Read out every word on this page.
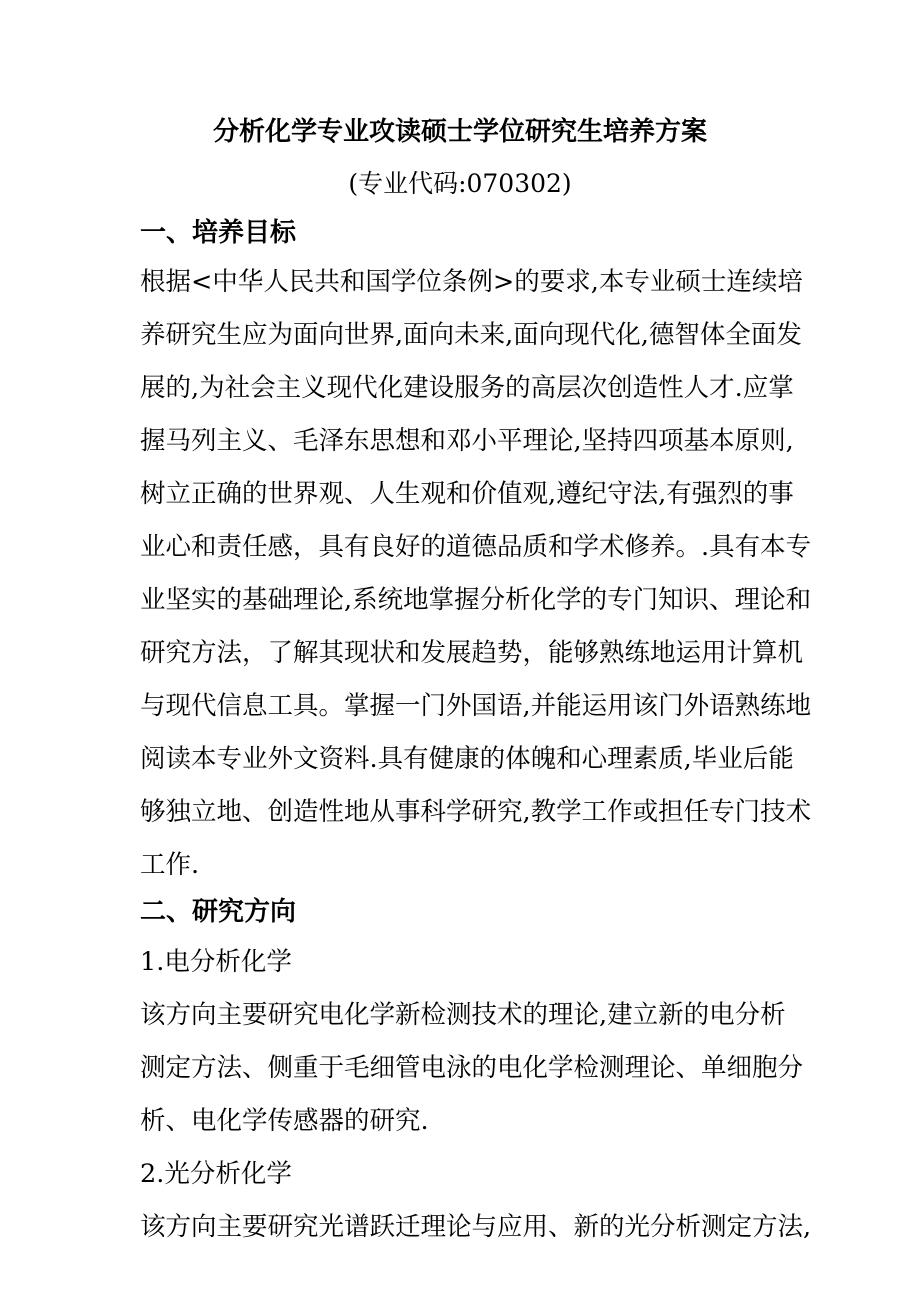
分析化学专业攻读硕士学位研究生培养方案
(专业代码:070302)
一、培养目标
根据<中华人民共和国学位条例>的要求,本专业硕士连续培
养研究生应为面向世界,面向未来,面向现代化,德智体全面发
展的,为社会主义现代化建设服务的高层次创造性人才.应掌
握马列主义、毛泽东思想和邓小平理论,坚持四项基本原则,
树立正确的世界观、人生观和价值观,遵纪守法,有强烈的事
业心和责任感，具有良好的道德品质和学术修养。.具有本专
业坚实的基础理论,系统地掌握分析化学的专门知识、理论和
研究方法，了解其现状和发展趋势，能够熟练地运用计算机
与现代信息工具。掌握一门外国语,并能运用该门外语熟练地
阅读本专业外文资料.具有健康的体魄和心理素质,毕业后能
够独立地、创造性地从事科学研究,教学工作或担任专门技术
工作.
二、研究方向
1.电分析化学
该方向主要研究电化学新检测技术的理论,建立新的电分析
测定方法、侧重于毛细管电泳的电化学检测理论、单细胞分
析、电化学传感器的研究.
2.光分析化学
该方向主要研究光谱跃迁理论与应用、新的光分析测定方法,
